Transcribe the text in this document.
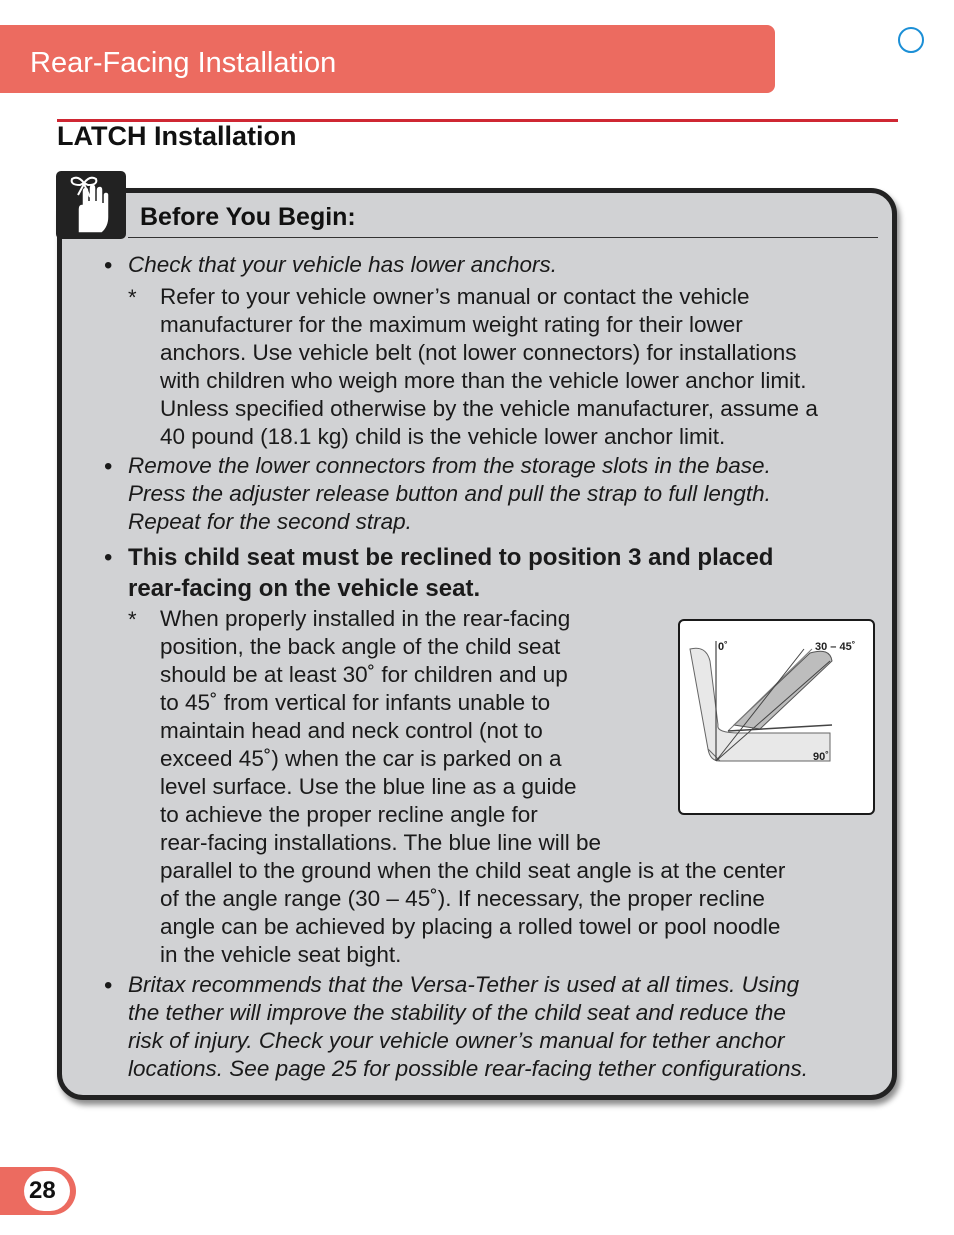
Rear-Facing Installation
LATCH Installation
Before You Begin:
• Check that your vehicle has lower anchors.
* Refer to your vehicle owner’s manual or contact the vehicle
manufacturer for the maximum weight rating for their lower
anchors. Use vehicle belt (not lower connectors) for installations
with children who weigh more than the vehicle lower anchor limit.
Unless specified otherwise by the vehicle manufacturer, assume a
40 pound (18.1 kg) child is the vehicle lower anchor limit.
• Remove the lower connectors from the storage slots in the base.
Press the adjuster release button and pull the strap to full length.
Repeat for the second strap.
• This child seat must be reclined to position 3 and placed
rear-facing on the vehicle seat.
* When properly installed in the rear-facing
position, the back angle of the child seat
should be at least 30˚ for children and up
to 45˚ from vertical for infants unable to
maintain head and neck control (not to
exceed 45˚) when the car is parked on a
level surface. Use the blue line as a guide
to achieve the proper recline angle for
rear-facing installations. The blue line will be
parallel to the ground when the child seat angle is at the center
of the angle range (30 – 45˚). If necessary, the proper recline
angle can be achieved by placing a rolled towel or pool noodle
in the vehicle seat bight.
0˚	30 – 45˚
90˚
• Britax recommends that the Versa-Tether is used at all times. Using
the tether will improve the stability of the child seat and reduce the
risk of injury. Check your vehicle owner’s manual for tether anchor
locations. See page 25 for possible rear-facing tether configurations.
28
